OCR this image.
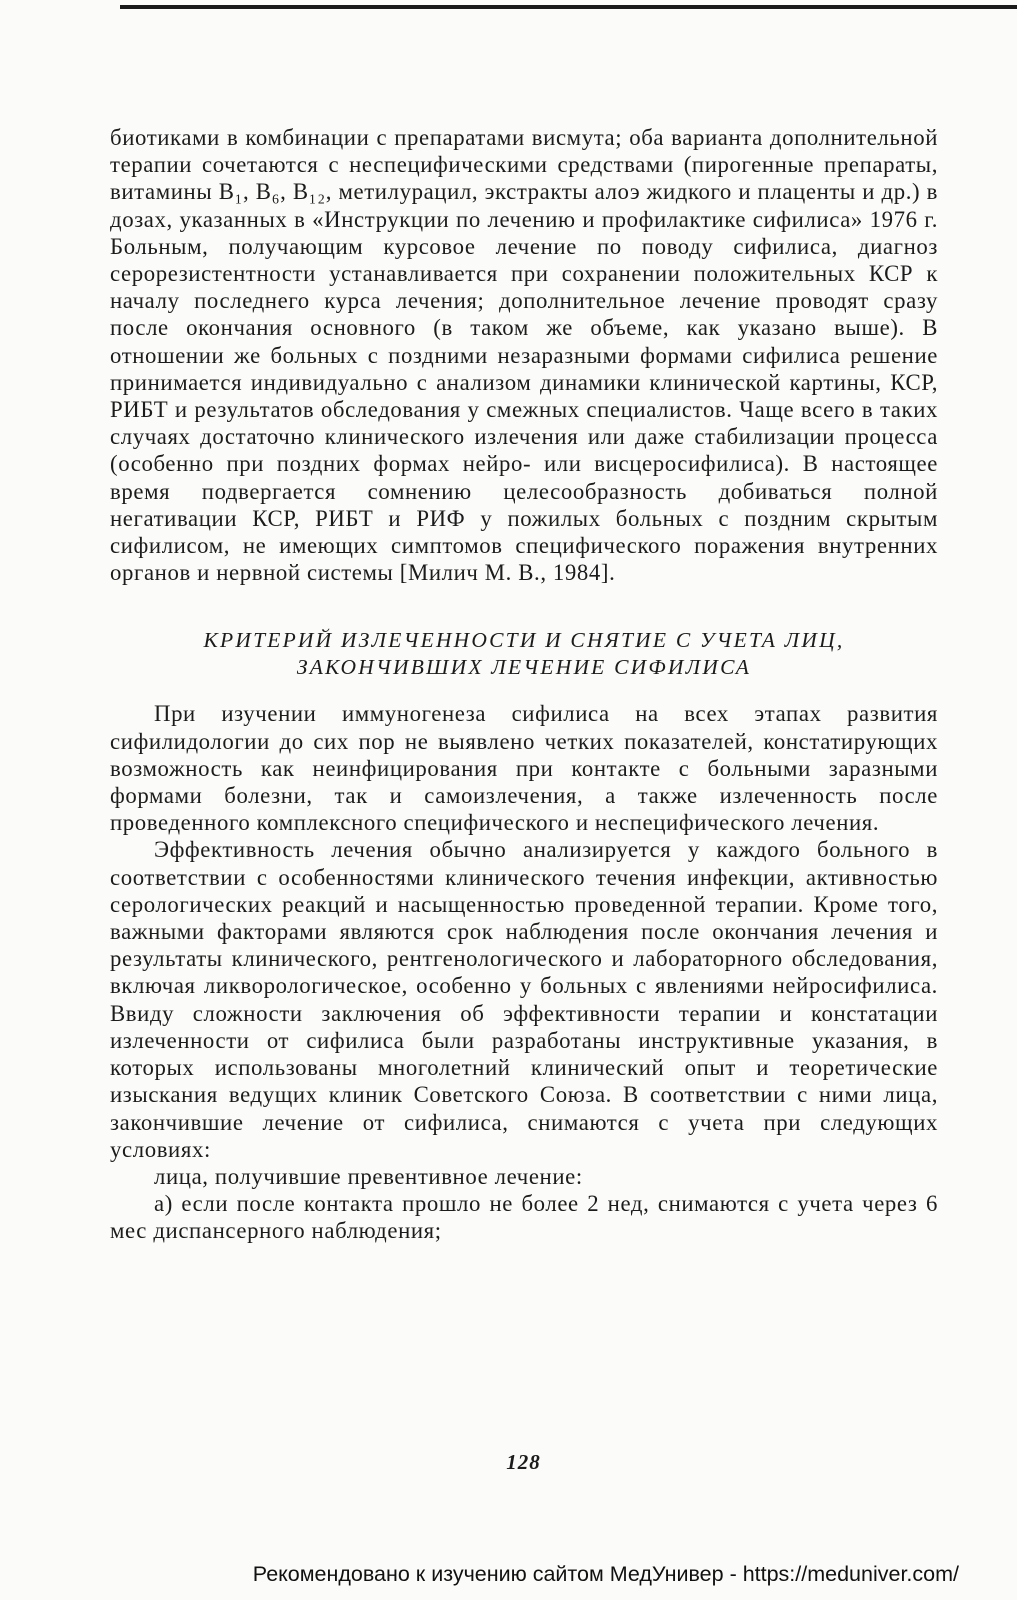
биотиками в комбинации с препаратами висмута; оба варианта дополнительной терапии сочетаются с неспецифическими средствами (пирогенные препараты, витамины B₁, B₆, B₁₂, метилурацил, экстракты алоэ жидкого и плаценты и др.) в дозах, указанных в «Инструкции по лечению и профилактике сифилиса» 1976 г. Больным, получающим курсовое лечение по поводу сифилиса, диагноз серорезистентности устанавливается при сохранении положительных КСР к началу последнего курса лечения; дополнительное лечение проводят сразу после окончания основного (в таком же объеме, как указано выше). В отношении же больных с поздними незаразными формами сифилиса решение принимается индивидуально с анализом динамики клинической картины, КСР, РИБТ и результатов обследования у смежных специалистов. Чаще всего в таких случаях достаточно клинического излечения или даже стабилизации процесса (особенно при поздних формах нейро- или висцеросифилиса). В настоящее время подвергается сомнению целесообразность добиваться полной негативации КСР, РИБТ и РИФ у пожилых больных с поздним скрытым сифилисом, не имеющих симптомов специфического поражения внутренних органов и нервной системы [Милич М. В., 1984].

КРИТЕРИЙ ИЗЛЕЧЕННОСТИ И СНЯТИЕ С УЧЕТА ЛИЦ,
ЗАКОНЧИВШИХ ЛЕЧЕНИЕ СИФИЛИСА

При изучении иммуногенеза сифилиса на всех этапах развития сифилидологии до сих пор не выявлено четких показателей, констатирующих возможность как неинфицирования при контакте с больными заразными формами болезни, так и самоизлечения, а также излеченность после проведенного комплексного специфического и неспецифического лечения.

Эффективность лечения обычно анализируется у каждого больного в соответствии с особенностями клинического течения инфекции, активностью серологических реакций и насыщенностью проведенной терапии. Кроме того, важными факторами являются срок наблюдения после окончания лечения и результаты клинического, рентгенологического и лабораторного обследования, включая ликворологическое, особенно у больных с явлениями нейросифилиса. Ввиду сложности заключения об эффективности терапии и констатации излеченности от сифилиса были разработаны инструктивные указания, в которых использованы многолетний клинический опыт и теоретические изыскания ведущих клиник Советского Союза. В соответствии с ними лица, закончившие лечение от сифилиса, снимаются с учета при следующих условиях:

лица, получившие превентивное лечение:

а) если после контакта прошло не более 2 нед, снимаются с учета через 6 мес диспансерного наблюдения;

128
Рекомендовано к изучению сайтом МедУнивер - https://meduniver.com/
